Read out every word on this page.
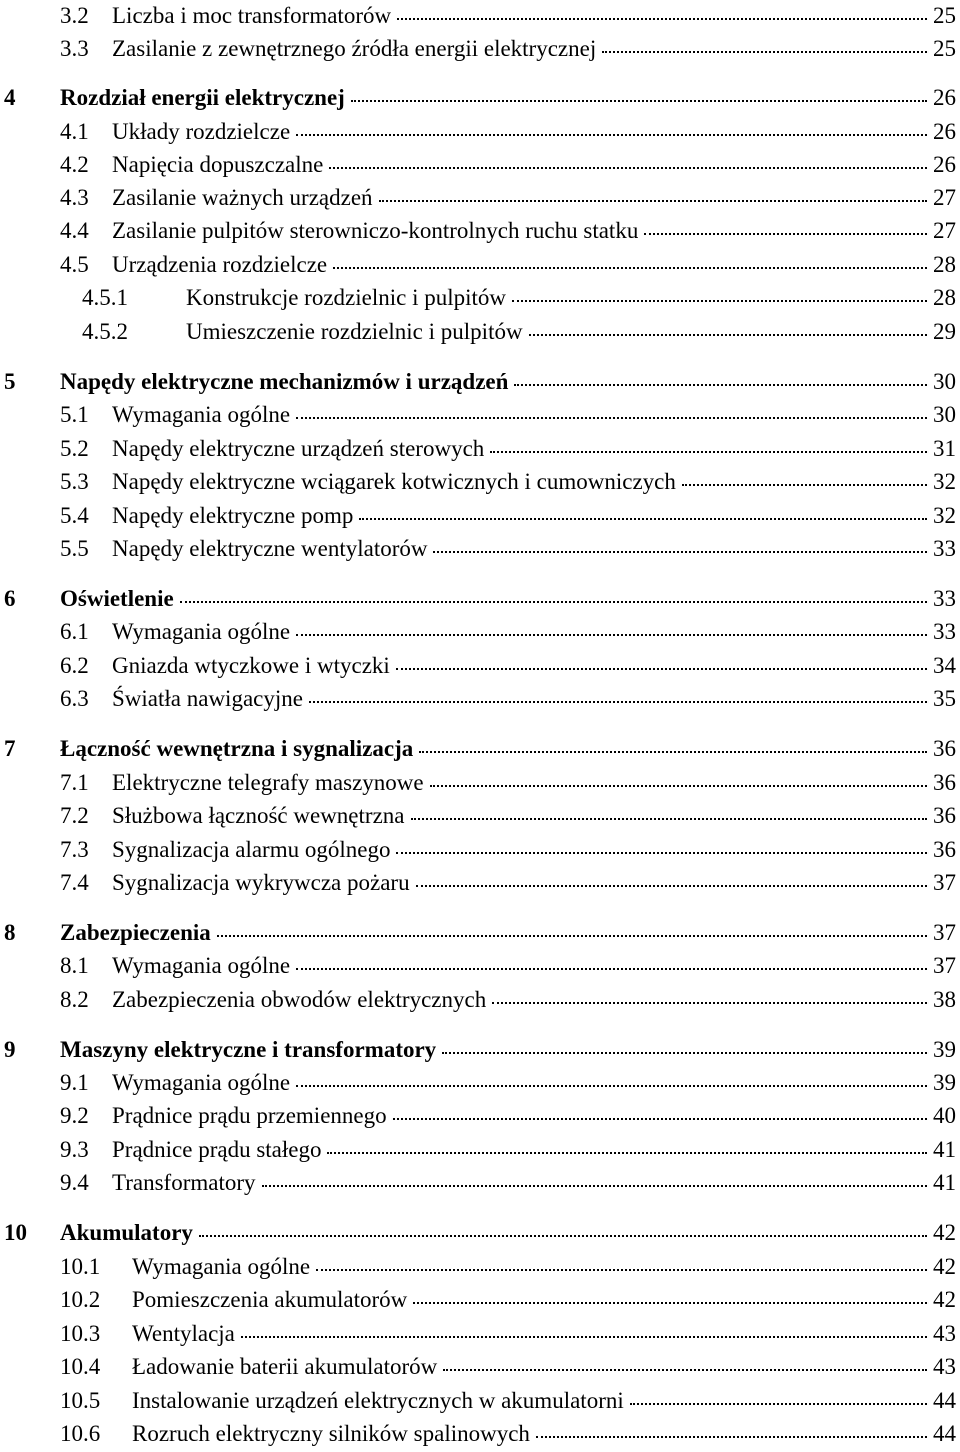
3.2	Liczba i moc transformatorów	25
3.3	Zasilanie z zewnętrznego źródła energii elektrycznej	25
4	Rozdział energii elektrycznej	26
4.1	Układy rozdzielcze	26
4.2	Napięcia dopuszczalne	26
4.3	Zasilanie ważnych urządzeń	27
4.4	Zasilanie pulpitów sterowniczo-kontrolnych ruchu statku	27
4.5	Urządzenia rozdzielcze	28
4.5.1	Konstrukcje rozdzielnic i pulpitów	28
4.5.2	Umieszczenie rozdzielnic i pulpitów	29
5	Napędy elektryczne mechanizmów i urządzeń	30
5.1	Wymagania ogólne	30
5.2	Napędy elektryczne urządzeń sterowych	31
5.3	Napędy elektryczne wciągarek kotwicznych i cumowniczych	32
5.4	Napędy elektryczne pomp	32
5.5	Napędy elektryczne wentylatorów	33
6	Oświetlenie	33
6.1	Wymagania ogólne	33
6.2	Gniazda wtyczkowe i wtyczki	34
6.3	Światła nawigacyjne	35
7	Łączność wewnętrzna i sygnalizacja	36
7.1	Elektryczne telegrafy maszynowe	36
7.2	Służbowa łączność wewnętrzna	36
7.3	Sygnalizacja alarmu ogólnego	36
7.4	Sygnalizacja wykrywcza pożaru	37
8	Zabezpieczenia	37
8.1	Wymagania ogólne	37
8.2	Zabezpieczenia obwodów elektrycznych	38
9	Maszyny elektryczne i transformatory	39
9.1	Wymagania ogólne	39
9.2	Prądnice prądu przemiennego	40
9.3	Prądnice prądu stałego	41
9.4	Transformatory	41
10	Akumulatory	42
10.1	Wymagania ogólne	42
10.2	Pomieszczenia akumulatorów	42
10.3	Wentylacja	43
10.4	Ładowanie baterii akumulatorów	43
10.5	Instalowanie urządzeń elektrycznych w akumulatorni	44
10.6	Rozruch elektryczny silników spalinowych	44
